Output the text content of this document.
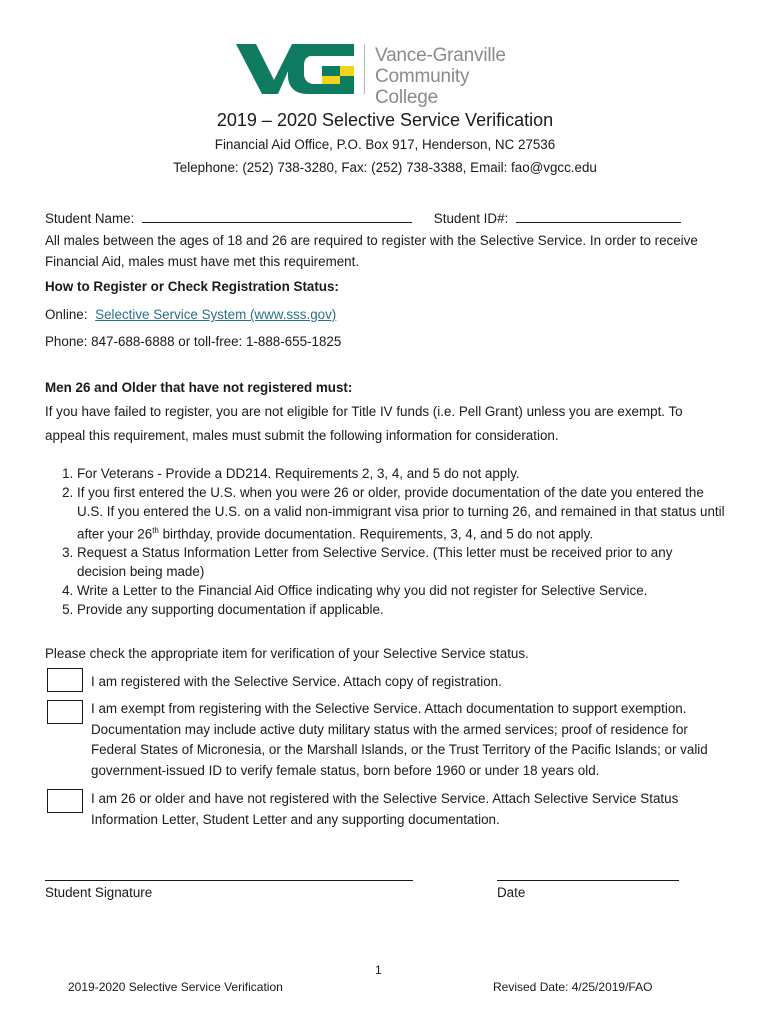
VG
Vance-Granville
Community College
2019 – 2020 Selective Service Verification
Financial Aid Office, P.O. Box 917, Henderson, NC 27536
Telephone: (252) 738-3280, Fax: (252) 738-3388, Email: fao@vgcc.edu
Student Name:	Student ID#:
All males between the ages of 18 and 26 are required to register with the Selective Service. In order to receive Financial Aid, males must have met this requirement.
How to Register or Check Registration Status:
Online: Selective Service System (www.sss.gov)
Phone: 847-688-6888 or toll-free: 1-888-655-1825
Men 26 and Older that have not registered must:
If you have failed to register, you are not eligible for Title IV funds (i.e. Pell Grant) unless you are exempt. To appeal this requirement, males must submit the following information for consideration.
1. For Veterans - Provide a DD214. Requirements 2, 3, 4, and 5 do not apply.
2. If you first entered the U.S. when you were 26 or older, provide documentation of the date you entered the U.S. If you entered the U.S. on a valid non-immigrant visa prior to turning 26, and remained in that status until after your 26th birthday, provide documentation. Requirements, 3, 4, and 5 do not apply.
3. Request a Status Information Letter from Selective Service. (This letter must be received prior to any decision being made)
4. Write a Letter to the Financial Aid Office indicating why you did not register for Selective Service.
5. Provide any supporting documentation if applicable.
Please check the appropriate item for verification of your Selective Service status.
I am registered with the Selective Service. Attach copy of registration.
I am exempt from registering with the Selective Service. Attach documentation to support exemption. Documentation may include active duty military status with the armed services; proof of residence for Federal States of Micronesia, or the Marshall Islands, or the Trust Territory of the Pacific Islands; or valid government-issued ID to verify female status, born before 1960 or under 18 years old.
I am 26 or older and have not registered with the Selective Service. Attach Selective Service Status Information Letter, Student Letter and any supporting documentation.
Student Signature	Date
1
2019-2020 Selective Service Verification	Revised Date: 4/25/2019/FAO
